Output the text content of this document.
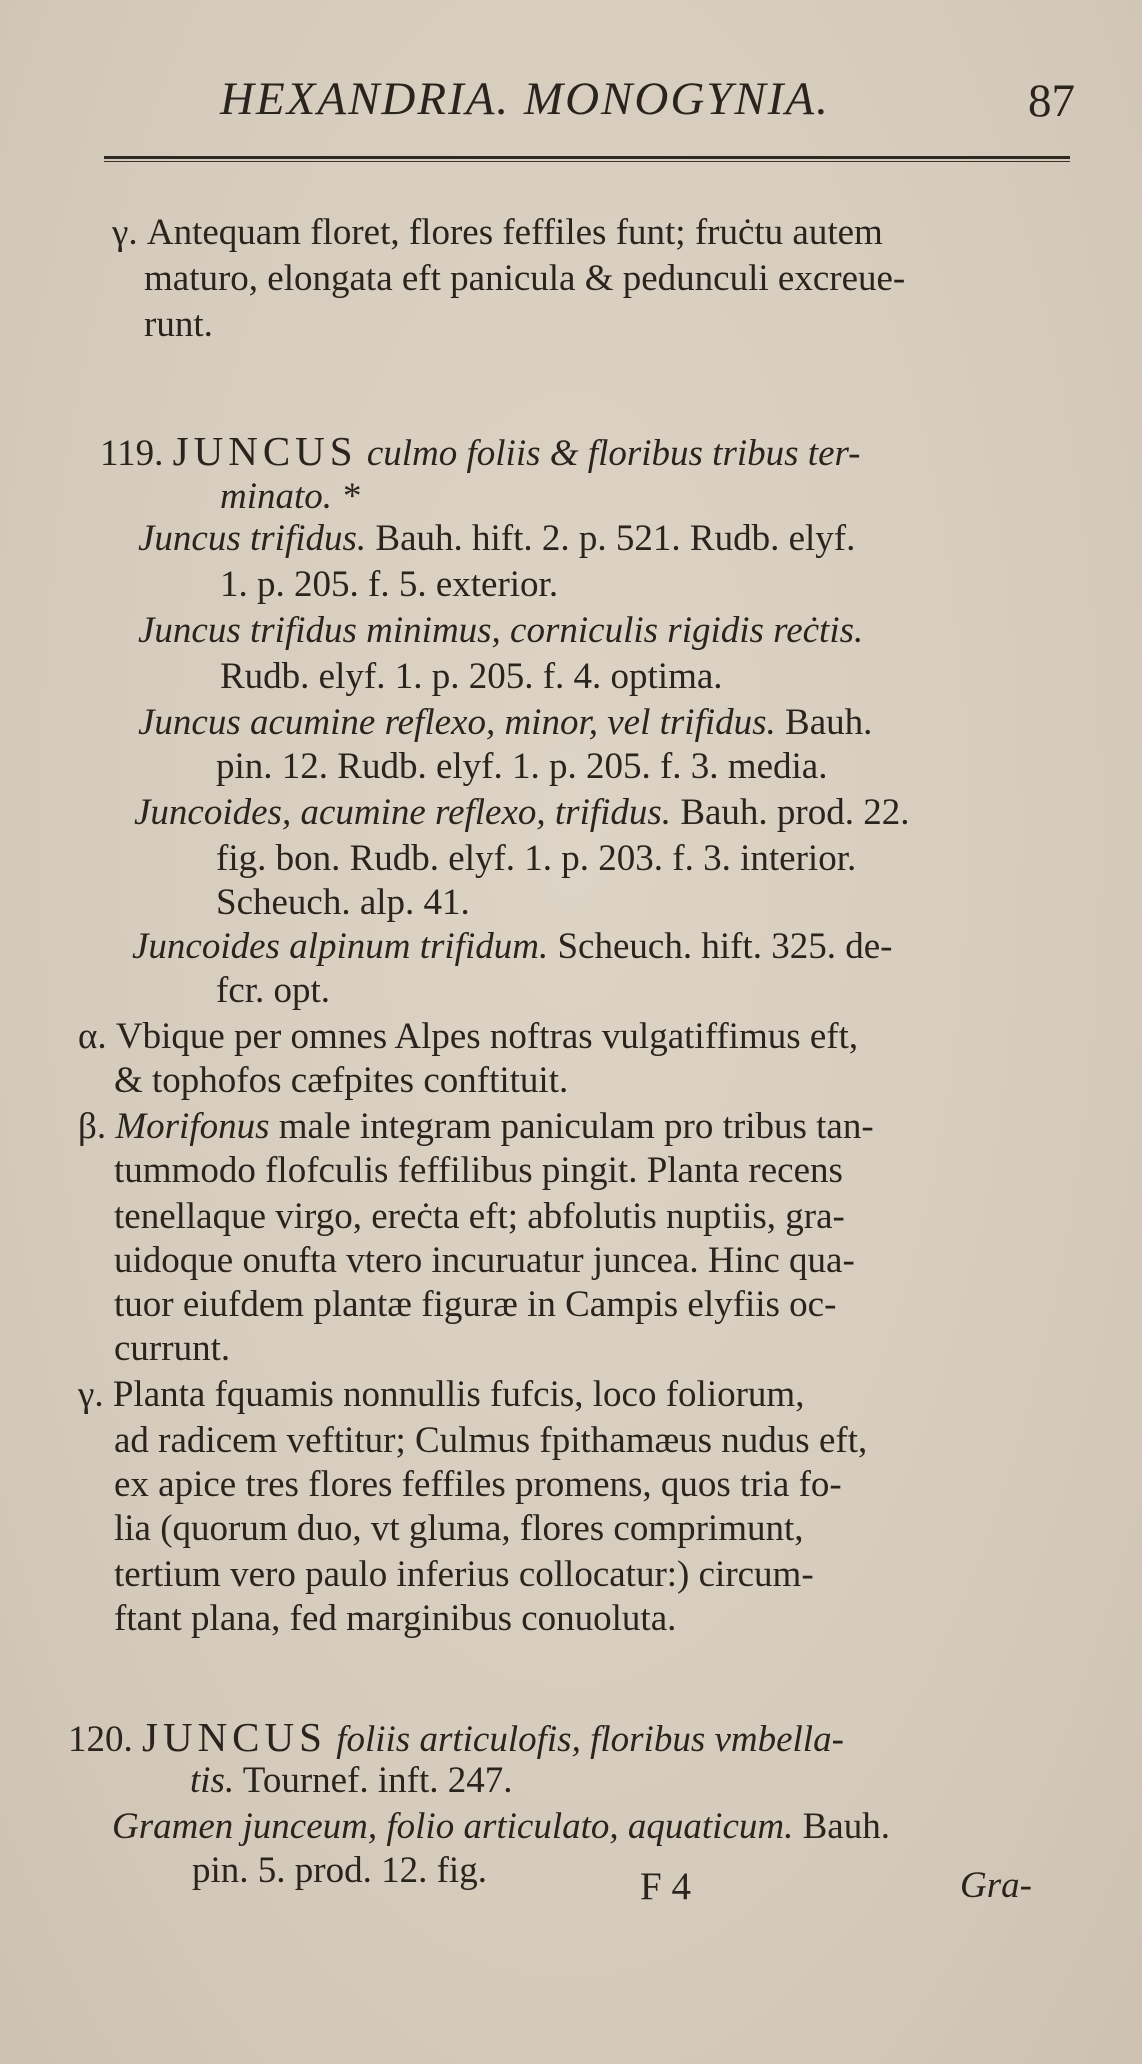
HEXANDRIA. MONOGYNIA.	87
γ. Antequam floret, flores feffiles funt; fruċtu autem
maturo, elongata eft panicula & pedunculi excreue-
runt.
119. JUNCUS culmo foliis & floribus tribus ter-
minato. *
Juncus trifidus. Bauh. hift. 2. p. 521. Rudb. elyf.
1. p. 205. f. 5. exterior.
Juncus trifidus minimus, corniculis rigidis reċtis.
Rudb. elyf. 1. p. 205. f. 4. optima.
Juncus acumine reflexo, minor, vel trifidus. Bauh.
pin. 12. Rudb. elyf. 1. p. 205. f. 3. media.
Juncoides, acumine reflexo, trifidus. Bauh. prod. 22.
fig. bon. Rudb. elyf. 1. p. 203. f. 3. interior.
Scheuch. alp. 41.
Juncoides alpinum trifidum. Scheuch. hift. 325. de-
fcr. opt.
α. Vbique per omnes Alpes noftras vulgatiffimus eft,
& tophofos cæfpites conftituit.
β. Morifonus male integram paniculam pro tribus tan-
tummodo flofculis feffilibus pingit. Planta recens
tenellaque virgo, ereċta eft; abfolutis nuptiis, gra-
uidoque onufta vtero incuruatur juncea. Hinc qua-
tuor eiufdem plantæ figuræ in Campis elyfiis oc-
currunt.
γ. Planta fquamis nonnullis fufcis, loco foliorum,
ad radicem veftitur; Culmus fpithamæus nudus eft,
ex apice tres flores feffiles promens, quos tria fo-
lia (quorum duo, vt gluma, flores comprimunt,
tertium vero paulo inferius collocatur:) circum-
ftant plana, fed marginibus conuoluta.
120. JUNCUS foliis articulofis, floribus vmbella-
tis. Tournef. inft. 247.
Gramen junceum, folio articulato, aquaticum. Bauh.
pin. 5. prod. 12. fig.	F 4	Gra-
